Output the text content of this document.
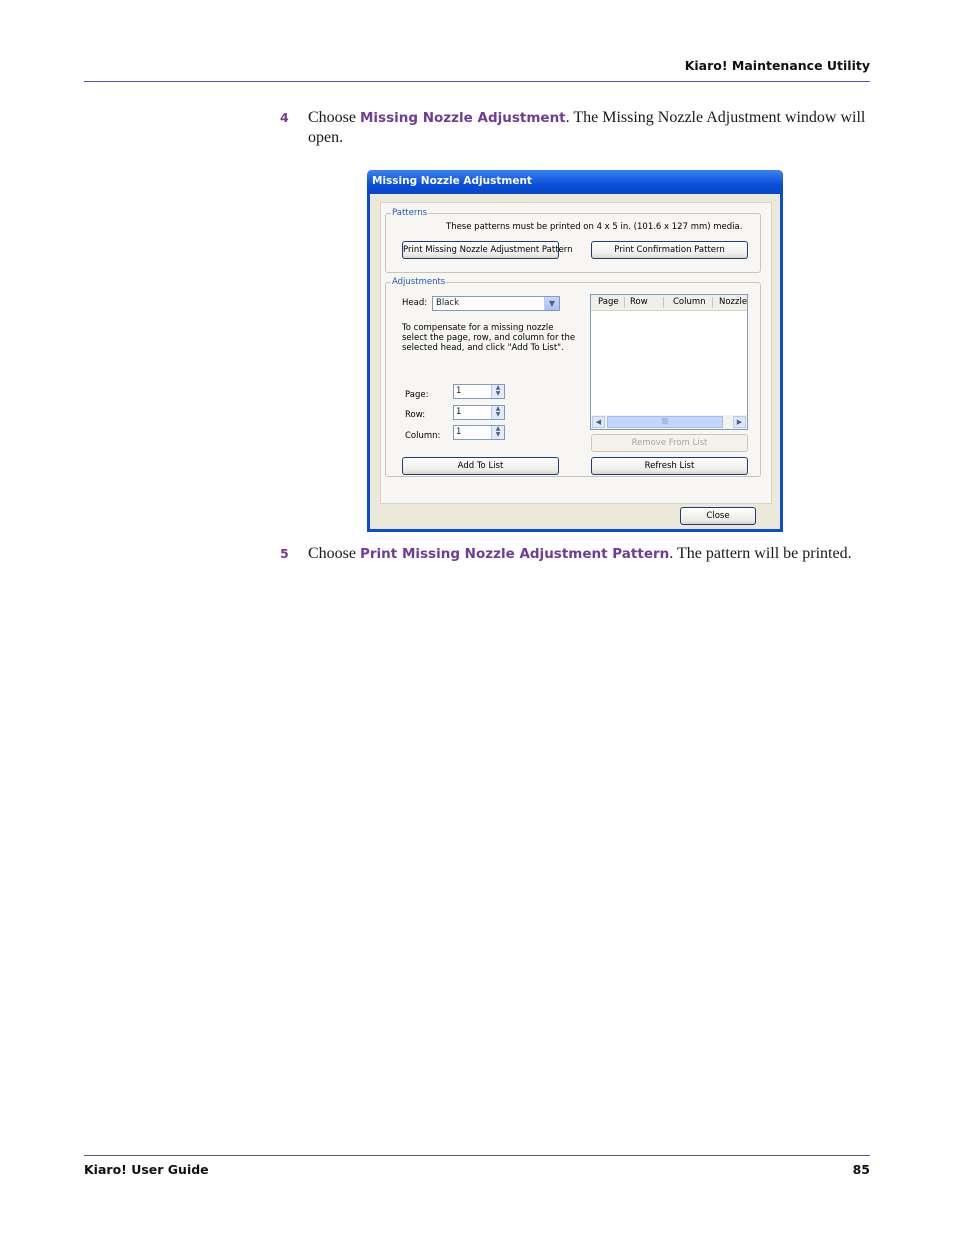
Kiaro! Maintenance Utility
4 Choose Missing Nozzle Adjustment. The Missing Nozzle Adjustment window will open.
Missing Nozzle Adjustment
Patterns
These patterns must be printed on 4 x 5 in. (101.6 x 127 mm) media.
Print Missing Nozzle Adjustment Pattern	Print Confirmation Pattern
Adjustments
Head: Black	▼
To compensate for a missing nozzle
select the page, row, and column for the
selected head, and click "Add To List".
Page:	1	▲
▼
Row:	1	▲
▼
Column: 1	▲
▼
Page Row	Column Nozzle
◀	|||	▶
Remove From List
Add To List	Refresh List
Close
5 Choose Print Missing Nozzle Adjustment Pattern. The pattern will be printed.
Kiaro! User Guide	85
